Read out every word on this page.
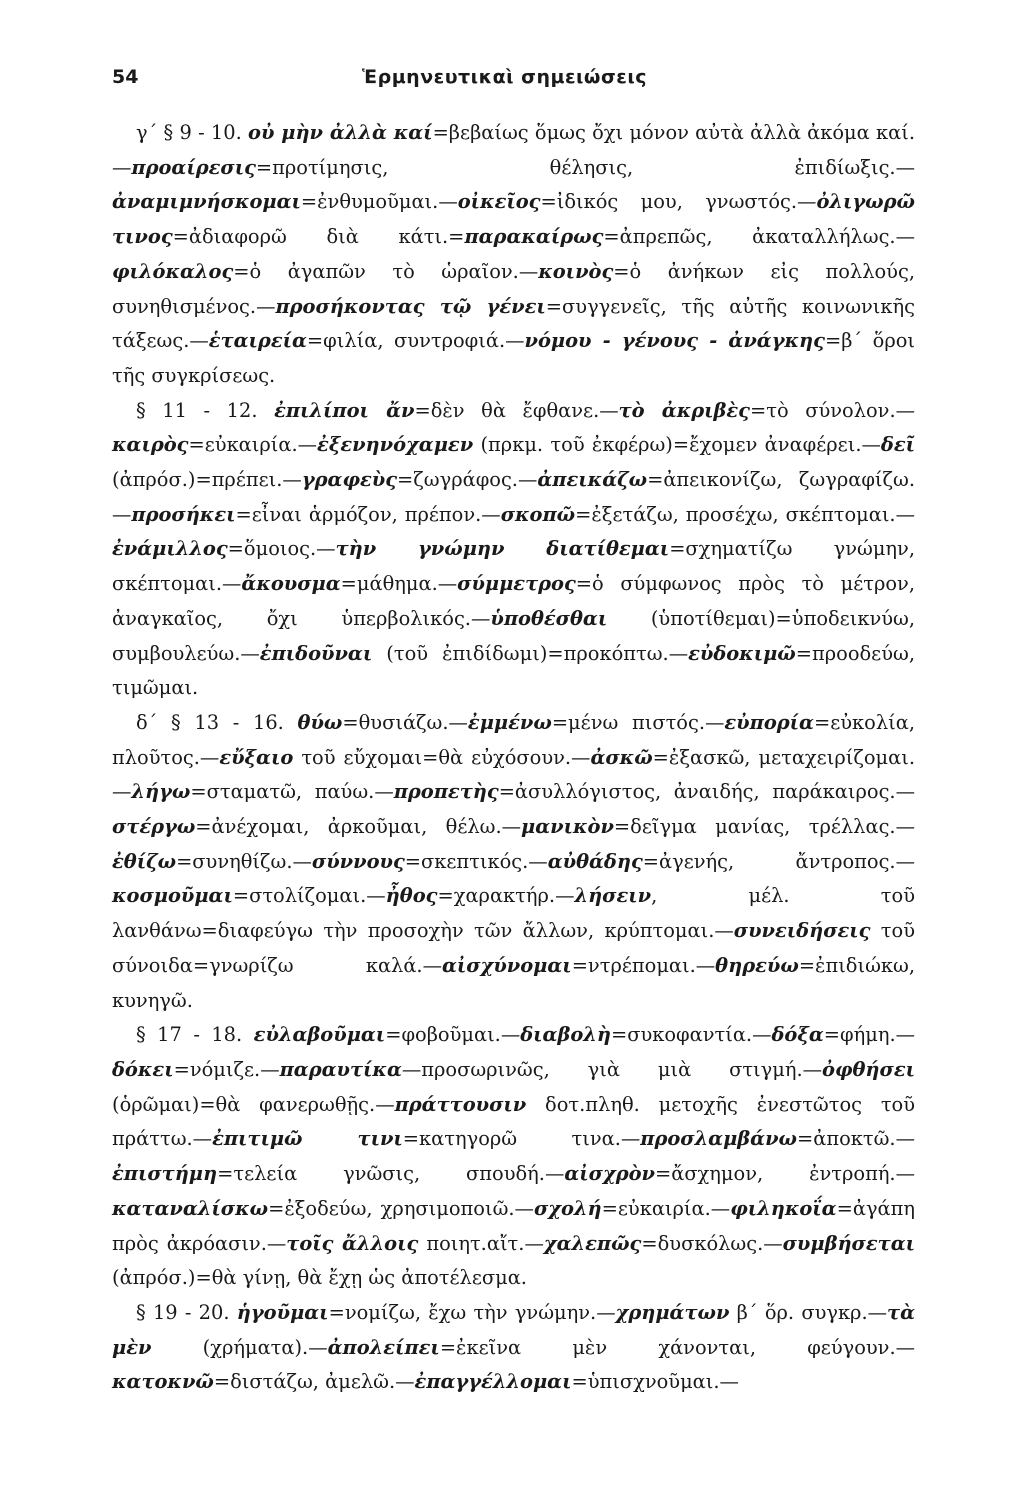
54	Ἑρμηνευτικαὶ σημειώσεις

γ΄ § 9 - 10. οὐ μὴν ἀλλὰ καί=βεβαίως ὅμως ὄχι μόνον αὐτὰ ἀλλὰ ἀκόμα καί.—προαίρεσις=προτίμησις, θέλησις, ἐπιδίωξις.—ἀναμιμνήσκομαι=ἐνθυμοῦμαι.—οἰκεῖος=ἰδικός μου, γνωστός.—ὀλιγωρῶ τινος=ἀδιαφορῶ διὰ κάτι.=παρακαίρως=ἀπρεπῶς, ἀκαταλλήλως.—φιλόκαλος=ὁ ἀγαπῶν τὸ ὡραῖον.—κοινὸς=ὁ ἀνήκων εἰς πολλούς, συνηθισμένος.—προσήκοντας τῷ γένει=συγγενεῖς, τῆς αὐτῆς κοινωνικῆς τάξεως.—ἑταιρεία=φιλία, συντροφιά.—νόμου - γένους - ἀνάγκης=β΄ ὅροι τῆς συγκρίσεως.

§ 11 - 12. ἐπιλίποι ἄν=δὲν θὰ ἔφθανε.—τὸ ἀκριβὲς=τὸ σύνολον.—καιρὸς=εὐκαιρία.—ἐξενηνόχαμεν (πρκμ. τοῦ ἐκφέρω)=ἔχομεν ἀναφέρει.—δεῖ (ἀπρόσ.)=πρέπει.—γραφεὺς=ζωγράφος.—ἀπεικάζω=ἀπεικονίζω, ζωγραφίζω.—προσήκει=εἶναι ἁρμόζον, πρέπον.—σκοπῶ=ἐξετάζω, προσέχω, σκέπτομαι.—ἐνάμιλλος=ὅμοιος.—τὴν γνώμην διατίθεμαι=σχηματίζω γνώμην, σκέπτομαι.—ἄκουσμα=μάθημα.—σύμμετρος=ὁ σύμφωνος πρὸς τὸ μέτρον, ἀναγκαῖος, ὄχι ὑπερβολικός.—ὑποθέσθαι (ὑποτίθεμαι)=ὑποδεικνύω, συμβουλεύω.—ἐπιδοῦναι (τοῦ ἐπιδίδωμι)=προκόπτω.—εὐδοκιμῶ=προοδεύω, τιμῶμαι.

δ΄ § 13 - 16. θύω=θυσιάζω.—ἐμμένω=μένω πιστός.—εὐπορία=εὐκολία, πλοῦτος.—εὔξαιο τοῦ εὔχομαι=θὰ εὐχόσουν.—ἀσκῶ=ἐξασκῶ, μεταχειρίζομαι.—λήγω=σταματῶ, παύω.—προπετὴς=ἀσυλλόγιστος, ἀναιδής, παράκαιρος.—στέργω=ἀνέχομαι, ἀρκοῦμαι, θέλω.—μανικὸν=δεῖγμα μανίας, τρέλλας.—ἐθίζω=συνηθίζω.—σύννους=σκεπτικός.—αὐθάδης=ἀγενής, ἄντροπος.—κοσμοῦμαι=στολίζομαι.—ἦθος=χαρακτήρ.—λήσειν, μέλ. τοῦ λανθάνω=διαφεύγω τὴν προσοχὴν τῶν ἄλλων, κρύπτομαι.—συνειδήσεις τοῦ σύνοιδα=γνωρίζω καλά.—αἰσχύνομαι=ντρέπομαι.—θηρεύω=ἐπιδιώκω, κυνηγῶ.

§ 17 - 18. εὐλαβοῦμαι=φοβοῦμαι.—διαβολὴ=συκοφαντία.—δόξα=φήμη.—δόκει=νόμιζε.—παραυτίκα—προσωρινῶς, γιὰ μιὰ στιγμή.—ὀφθήσει (ὁρῶμαι)=θὰ φανερωθῇς.—πράττουσιν δοτ.πληθ. μετοχῆς ἐνεστῶτος τοῦ πράττω.—ἐπιτιμῶ τινι=κατηγορῶ τινα.—προσλαμβάνω=ἀποκτῶ.—ἐπιστήμη=τελεία γνῶσις, σπουδή.—αἰσχρὸν=ἄσχημον, ἐντροπή.—καταναλίσκω=ἐξοδεύω, χρησιμοποιῶ.—σχολή=εὐκαιρία.—φιληκοΐα=ἀγάπη πρὸς ἀκρόασιν.—τοῖς ἄλλοις ποιητ.αἴτ.—χαλεπῶς=δυσκόλως.—συμβήσεται (ἀπρόσ.)=θὰ γίνῃ, θὰ ἔχῃ ὡς ἀποτέλεσμα.

§ 19 - 20. ἡγοῦμαι=νομίζω, ἔχω τὴν γνώμην.—χρημάτων β΄ ὅρ. συγκρ.—τὰ μὲν (χρήματα).—ἀπολείπει=ἐκεῖνα μὲν χάνονται, φεύγουν.—κατοκνῶ=διστάζω, ἀμελῶ.—ἐπαγγέλλομαι=ὑπισχνοῦμαι.—
